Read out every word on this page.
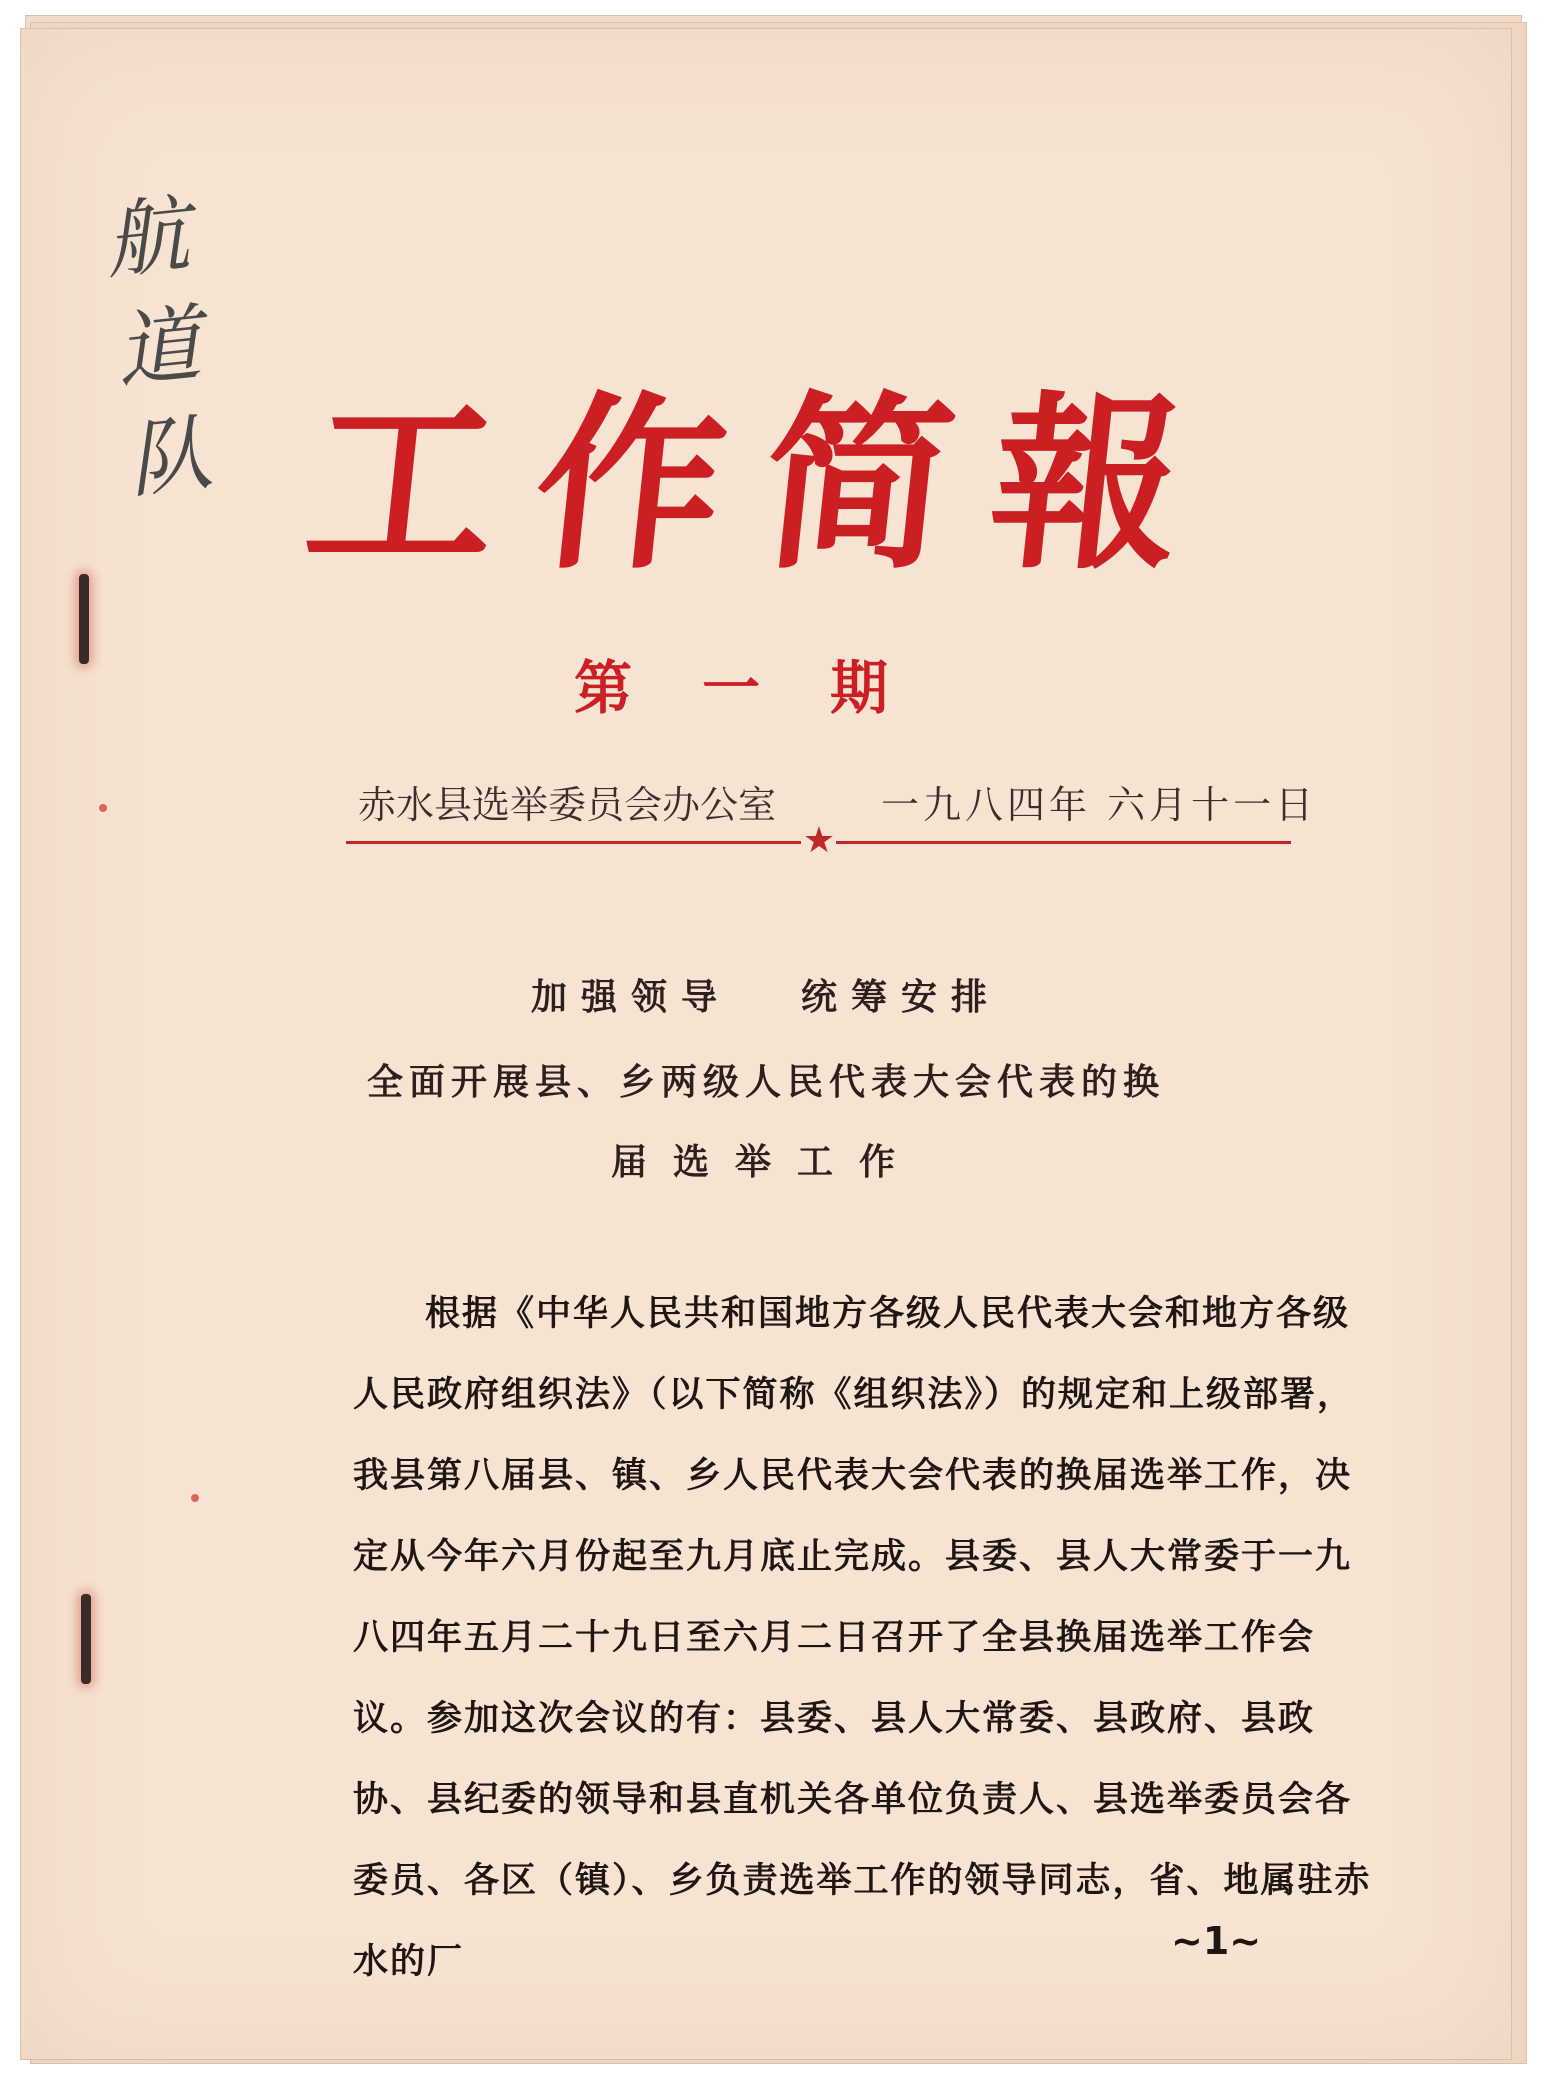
航
道
队 工作简報
第一期
赤水县选举委员会办公室	一九八四年 六月十一日
★
加强领导 统筹安排
全面开展县、乡两级人民代表大会代表的换
届选举工作

根据《中华人民共和国地方各级人民代表大会和地方各级人民政府组织法》（以下简称《组织法》）的规定和上级部署，我县第八届县、镇、乡人民代表大会代表的换届选举工作，决定从今年六月份起至九月底止完成。县委、县人大常委于一九八四年五月二十九日至六月二日召开了全县换届选举工作会议。参加这次会议的有：县委、县人大常委、县政府、县政协、县纪委的领导和县直机关各单位负责人、县选举委员会各委员、各区（镇）、乡负责选举工作的领导同志，省、地属驻赤水的厂	~1~
